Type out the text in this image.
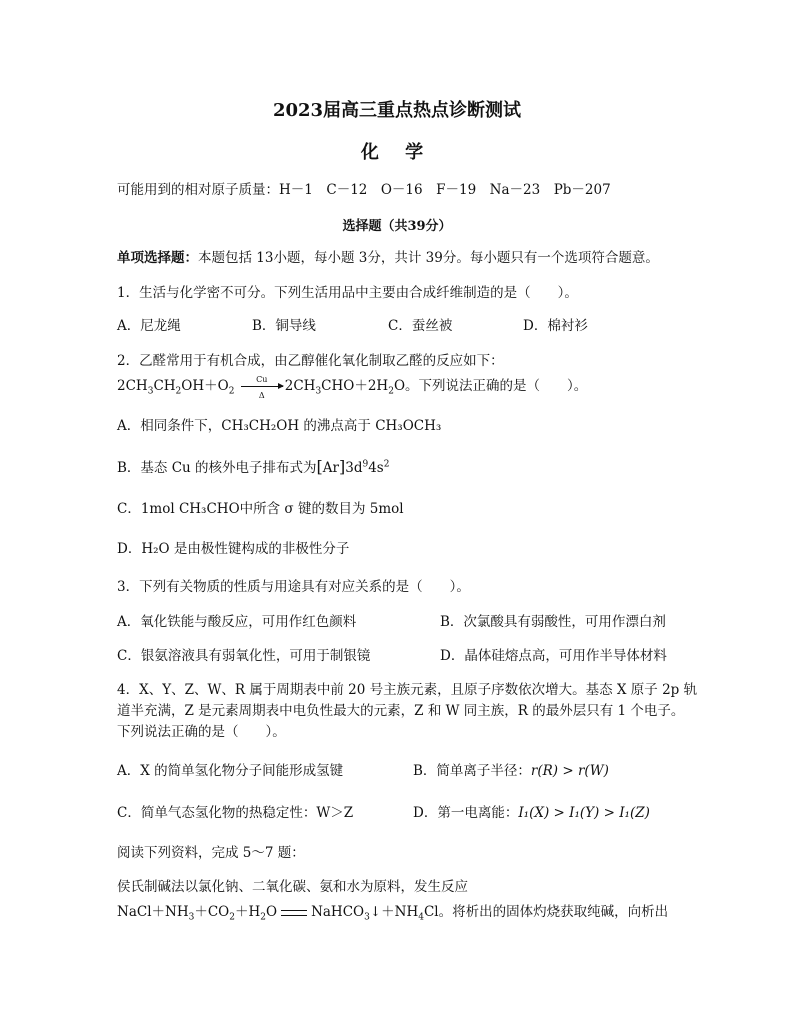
2023届高三重点热点诊断测试
化 学
可能用到的相对原子质量：H－1　C－12　O－16　F－19　Na－23　Pb－207
选择题（共39分）
单项选择题：本题包括 13小题，每小题 3分，共计 39分。每小题只有一个选项符合题意。
1．生活与化学密不可分。下列生活用品中主要由合成纤维制造的是（　　）。
A．尼龙绳	B．铜导线	C．蚕丝被	D．棉衬衫
2．乙醛常用于有机合成，由乙醇催化氧化制取乙醛的反应如下：
$2CH_3CH_2OH+O_2$
$\frac{Cu}{\Delta} 2CH_3CHO+2H_2O$。下列说法正确的是（　　）。
A．相同条件下，CH₃CH₂OH 的沸点高于 CH₃OCH₃
B．基态 Cu 的核外电子排布式为$[Ar]3d^94s^2$
C．1mol CH₃CHO中所含 σ 键的数目为 5mol
D．H₂O 是由极性键构成的非极性分子
3．下列有关物质的性质与用途具有对应关系的是（　　）。
A．氧化铁能与酸反应，可用作红色颜料	B．次氯酸具有弱酸性，可用作漂白剂
C．银氨溶液具有弱氧化性，可用于制银镜	D．晶体硅熔点高，可用作半导体材料
4．X、Y、Z、W、R 属于周期表中前 20 号主族元素，且原子序数依次增大。基态 X 原子 2p 轨
道半充满，Z 是元素周期表中电负性最大的元素，Z 和 W 同主族，R 的最外层只有 1 个电子。
下列说法正确的是（　　）。
A．X 的简单氢化物分子间能形成氢键	B．简单离子半径：r(R) > r(W)
C．简单气态氢化物的热稳定性：W＞Z	D．第一电离能：I₁(X) > I₁(Y) > I₁(Z)
阅读下列资料，完成 5～7 题：
侯氏制碱法以氯化钠、二氧化碳、氨和水为原料，发生反应
$NaCl+NH_3+CO_2+H_2O$	$NaHCO_3↓+NH_4Cl$。将析出的固体灼烧获取纯碱，向析出
